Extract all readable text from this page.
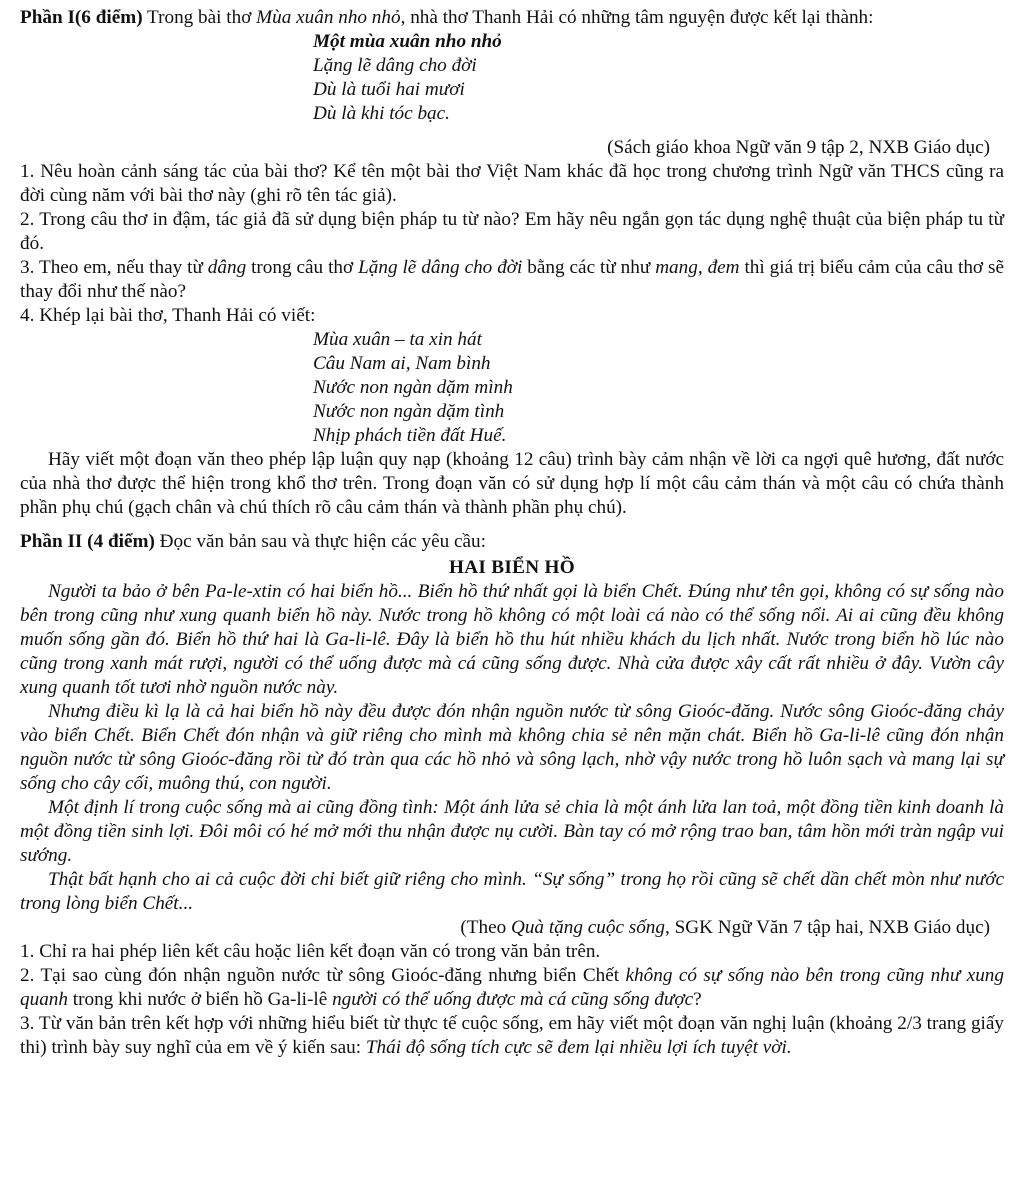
Phần I(6 điểm) Trong bài thơ Mùa xuân nho nhỏ, nhà thơ Thanh Hải có những tâm nguyện được kết lại thành:

Một mùa xuân nho nhỏ
Lặng lẽ dâng cho đời
Dù là tuổi hai mươi
Dù là khi tóc bạc.

(Sách giáo khoa Ngữ văn 9 tập 2, NXB Giáo dục)

1. Nêu hoàn cảnh sáng tác của bài thơ? Kể tên một bài thơ Việt Nam khác đã học trong chương trình Ngữ văn THCS cũng ra đời cùng năm với bài thơ này (ghi rõ tên tác giả).

2. Trong câu thơ in đậm, tác giả đã sử dụng biện pháp tu từ nào? Em hãy nêu ngắn gọn tác dụng nghệ thuật của biện pháp tu từ đó.

3. Theo em, nếu thay từ dâng trong câu thơ Lặng lẽ dâng cho đời bằng các từ như mang, đem thì giá trị biểu cảm của câu thơ sẽ thay đổi như thế nào?

4. Khép lại bài thơ, Thanh Hải có viết:

Mùa xuân – ta xin hát
Câu Nam ai, Nam bình
Nước non ngàn dặm mình
Nước non ngàn dặm tình
Nhịp phách tiền đất Huế.

Hãy viết một đoạn văn theo phép lập luận quy nạp (khoảng 12 câu) trình bày cảm nhận về lời ca ngợi quê hương, đất nước của nhà thơ được thể hiện trong khổ thơ trên. Trong đoạn văn có sử dụng hợp lí một câu cảm thán và một câu có chứa thành phần phụ chú (gạch chân và chú thích rõ câu cảm thán và thành phần phụ chú).

Phần II (4 điểm) Đọc văn bản sau và thực hiện các yêu cầu:

HAI BIỂN HỒ

Người ta bảo ở bên Pa-le-xtin có hai biển hồ... Biển hồ thứ nhất gọi là biển Chết. Đúng như tên gọi, không có sự sống nào bên trong cũng như xung quanh biển hồ này. Nước trong hồ không có một loài cá nào có thể sống nổi. Ai ai cũng đều không muốn sống gần đó. Biển hồ thứ hai là Ga-li-lê. Đây là biển hồ thu hút nhiều khách du lịch nhất. Nước trong biển hồ lúc nào cũng trong xanh mát rượi, người có thể uống được mà cá cũng sống được. Nhà cửa được xây cất rất nhiều ở đây. Vườn cây xung quanh tốt tươi nhờ nguồn nước này.

Nhưng điều kì lạ là cả hai biển hồ này đều được đón nhận nguồn nước từ sông Gioóc-đăng. Nước sông Gioóc-đăng chảy vào biển Chết. Biển Chết đón nhận và giữ riêng cho mình mà không chia sẻ nên mặn chát. Biển hồ Ga-li-lê cũng đón nhận nguồn nước từ sông Gioóc-đăng rồi từ đó tràn qua các hồ nhỏ và sông lạch, nhờ vậy nước trong hồ luôn sạch và mang lại sự sống cho cây cối, muông thú, con người.

Một định lí trong cuộc sống mà ai cũng đồng tình: Một ánh lửa sẻ chia là một ánh lửa lan toả, một đồng tiền kinh doanh là một đồng tiền sinh lợi. Đôi môi có hé mở mới thu nhận được nụ cười. Bàn tay có mở rộng trao ban, tâm hồn mới tràn ngập vui sướng.

Thật bất hạnh cho ai cả cuộc đời chỉ biết giữ riêng cho mình. “Sự sống” trong họ rồi cũng sẽ chết dần chết mòn như nước trong lòng biển Chết...

(Theo Quà tặng cuộc sống, SGK Ngữ Văn 7 tập hai, NXB Giáo dục)

1. Chỉ ra hai phép liên kết câu hoặc liên kết đoạn văn có trong văn bản trên.

2. Tại sao cùng đón nhận nguồn nước từ sông Gioóc-đăng nhưng biển Chết không có sự sống nào bên trong cũng như xung quanh trong khi nước ở biển hồ Ga-li-lê người có thể uống được mà cá cũng sống được?

3. Từ văn bản trên kết hợp với những hiểu biết từ thực tế cuộc sống, em hãy viết một đoạn văn nghị luận (khoảng 2/3 trang giấy thi) trình bày suy nghĩ của em về ý kiến sau: Thái độ sống tích cực sẽ đem lại nhiều lợi ích tuyệt vời.
